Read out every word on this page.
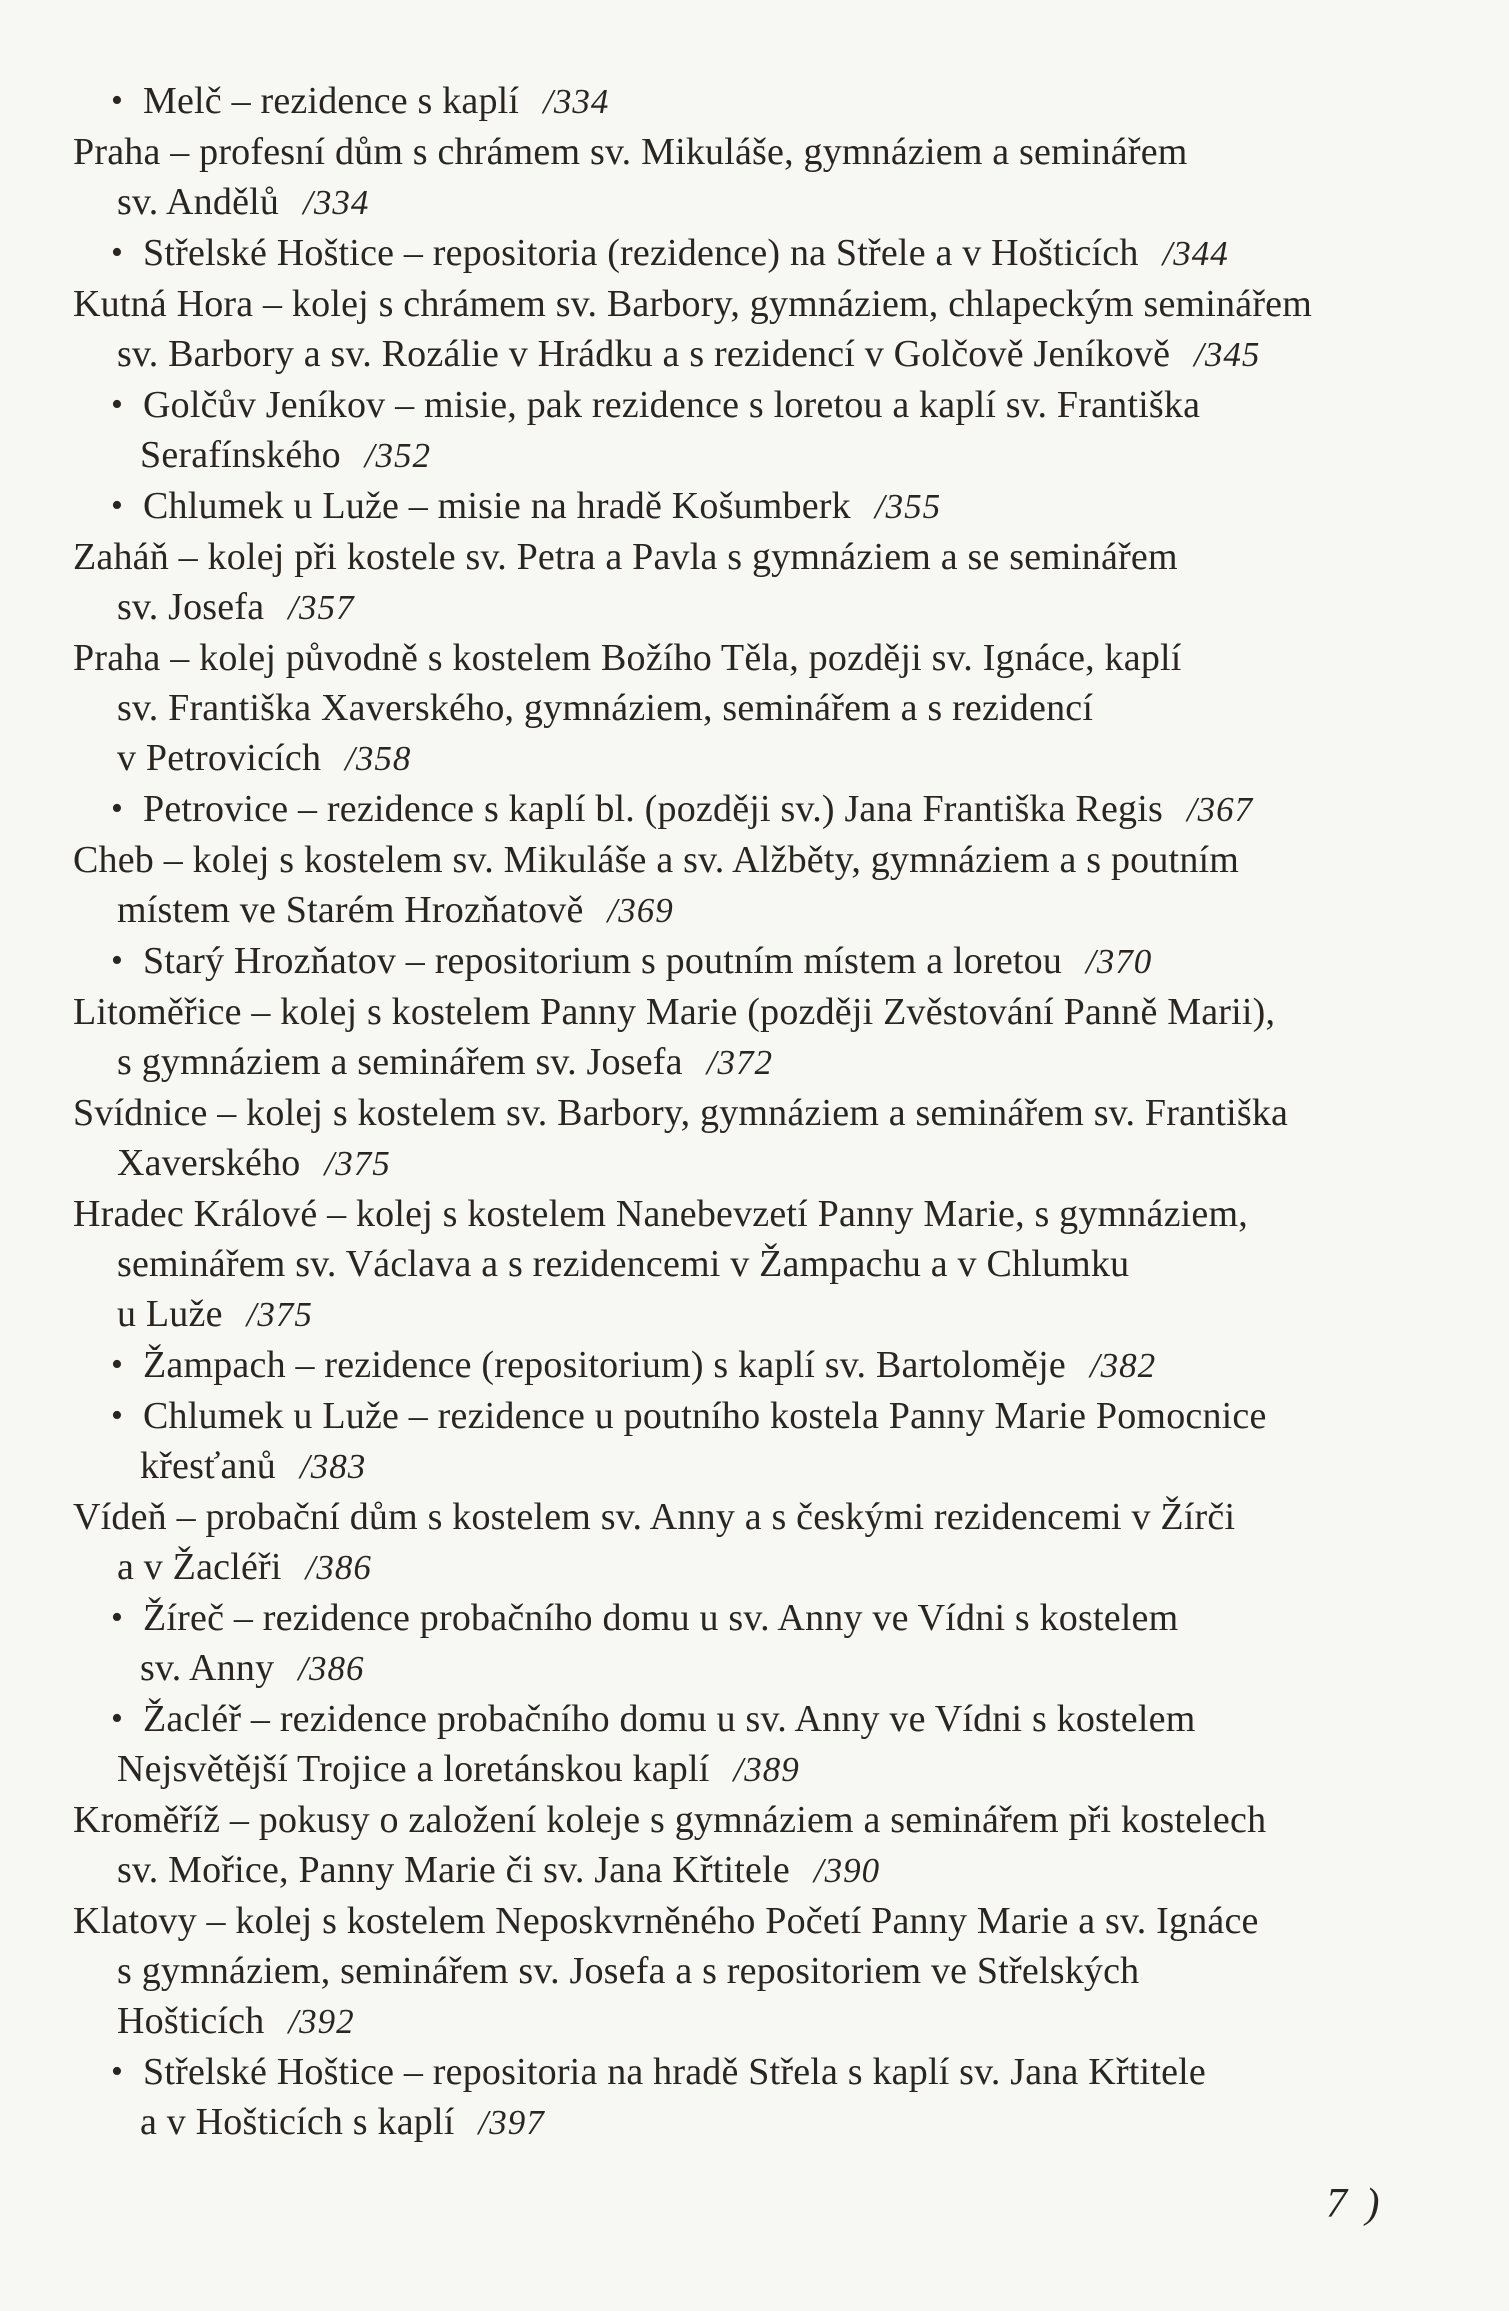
• Melč – rezidence s kaplí /334
Praha – profesní dům s chrámem sv. Mikuláše, gymnáziem a seminářem
sv. Andělů /334
• Střelské Hoštice – repositoria (rezidence) na Střele a v Hošticích /344
Kutná Hora – kolej s chrámem sv. Barbory, gymnáziem, chlapeckým seminářem
sv. Barbory a sv. Rozálie v Hrádku a s rezidencí v Golčově Jeníkově /345
• Golčův Jeníkov – misie, pak rezidence s loretou a kaplí sv. Františka
Serafínského /352
• Chlumek u Luže – misie na hradě Košumberk /355
Zaháň – kolej při kostele sv. Petra a Pavla s gymnáziem a se seminářem
sv. Josefa /357
Praha – kolej původně s kostelem Božího Těla, později sv. Ignáce, kaplí
sv. Františka Xaverského, gymnáziem, seminářem a s rezidencí
v Petrovicích /358
• Petrovice – rezidence s kaplí bl. (později sv.) Jana Františka Regis /367
Cheb – kolej s kostelem sv. Mikuláše a sv. Alžběty, gymnáziem a s poutním
místem ve Starém Hrozňatově /369
• Starý Hrozňatov – repositorium s poutním místem a loretou /370
Litoměřice – kolej s kostelem Panny Marie (později Zvěstování Panně Marii),
s gymnáziem a seminářem sv. Josefa /372
Svídnice – kolej s kostelem sv. Barbory, gymnáziem a seminářem sv. Františka
Xaverského /375
Hradec Králové – kolej s kostelem Nanebevzetí Panny Marie, s gymnáziem,
seminářem sv. Václava a s rezidencemi v Žampachu a v Chlumku
u Luže /375
• Žampach – rezidence (repositorium) s kaplí sv. Bartoloměje /382
• Chlumek u Luže – rezidence u poutního kostela Panny Marie Pomocnice
křesťanů /383
Vídeň – probační dům s kostelem sv. Anny a s českými rezidencemi v Žírči
a v Žacléři /386
• Žíreč – rezidence probačního domu u sv. Anny ve Vídni s kostelem
sv. Anny /386
• Žacléř – rezidence probačního domu u sv. Anny ve Vídni s kostelem
Nejsvětější Trojice a loretánskou kaplí /389
Kroměříž – pokusy o založení koleje s gymnáziem a seminářem při kostelech
sv. Mořice, Panny Marie či sv. Jana Křtitele /390
Klatovy – kolej s kostelem Neposkvrněného Početí Panny Marie a sv. Ignáce
s gymnáziem, seminářem sv. Josefa a s repositoriem ve Střelských
Hošticích /392
• Střelské Hoštice – repositoria na hradě Střela s kaplí sv. Jana Křtitele
a v Hošticích s kaplí /397
7 )
